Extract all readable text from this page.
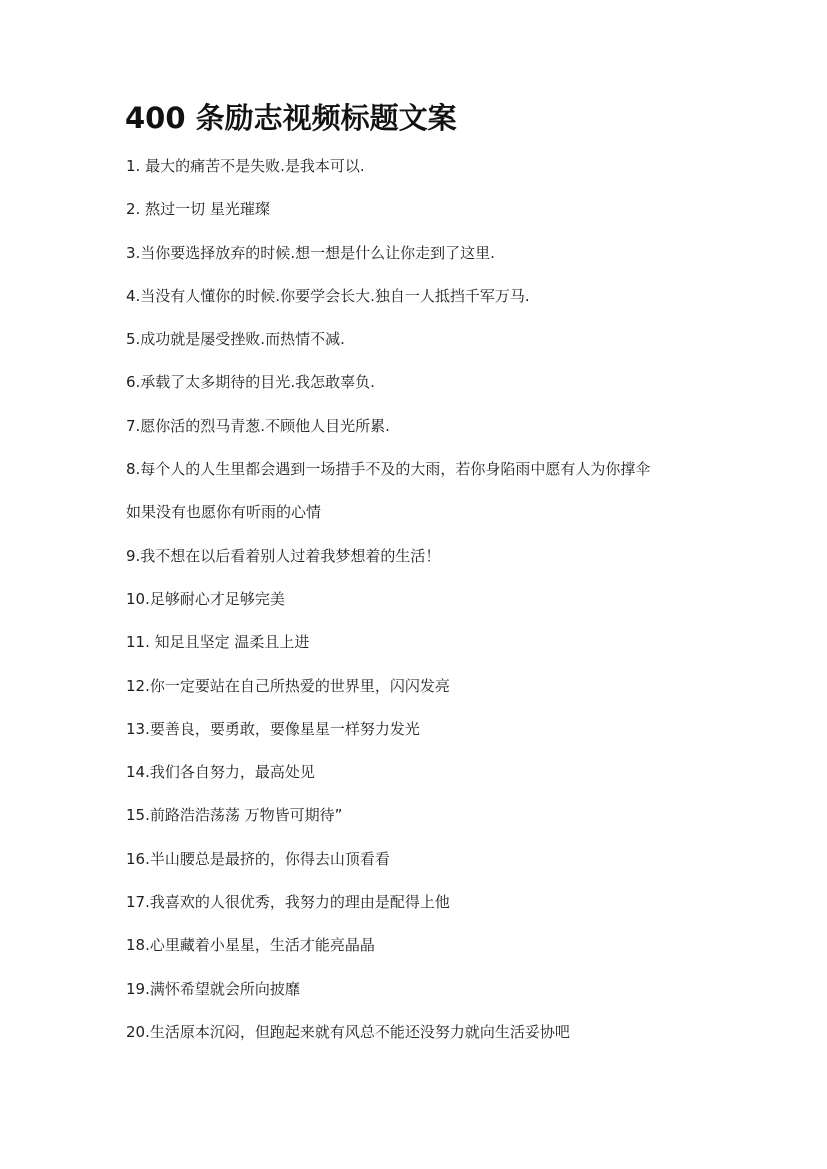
400 条励志视频标题文案
1. 最大的痛苦不是失败.是我本可以.
2. 熬过一切 星光璀璨
3.当你要选择放弃的时候.想一想是什么让你走到了这里.
4.当没有人懂你的时候.你要学会长大.独自一人抵挡千军万马.
5.成功就是屡受挫败.而热情不减.
6.承载了太多期待的目光.我怎敢辜负.
7.愿你活的烈马青葱.不顾他人目光所累.
8.每个人的人生里都会遇到一场措手不及的大雨，若你身陷雨中愿有人为你撑伞
如果没有也愿你有听雨的心情
9.我不想在以后看着别人过着我梦想着的生活！
10.足够耐心才足够完美
11. 知足且坚定 温柔且上进
12.你一定要站在自己所热爱的世界里，闪闪发亮
13.要善良，要勇敢，要像星星一样努力发光
14.我们各自努力，最高处见
15.前路浩浩荡荡 万物皆可期待”
16.半山腰总是最挤的，你得去山顶看看
17.我喜欢的人很优秀，我努力的理由是配得上他
18.心里藏着小星星，生活才能亮晶晶
19.满怀希望就会所向披靡
20.生活原本沉闷，但跑起来就有风总不能还没努力就向生活妥协吧
